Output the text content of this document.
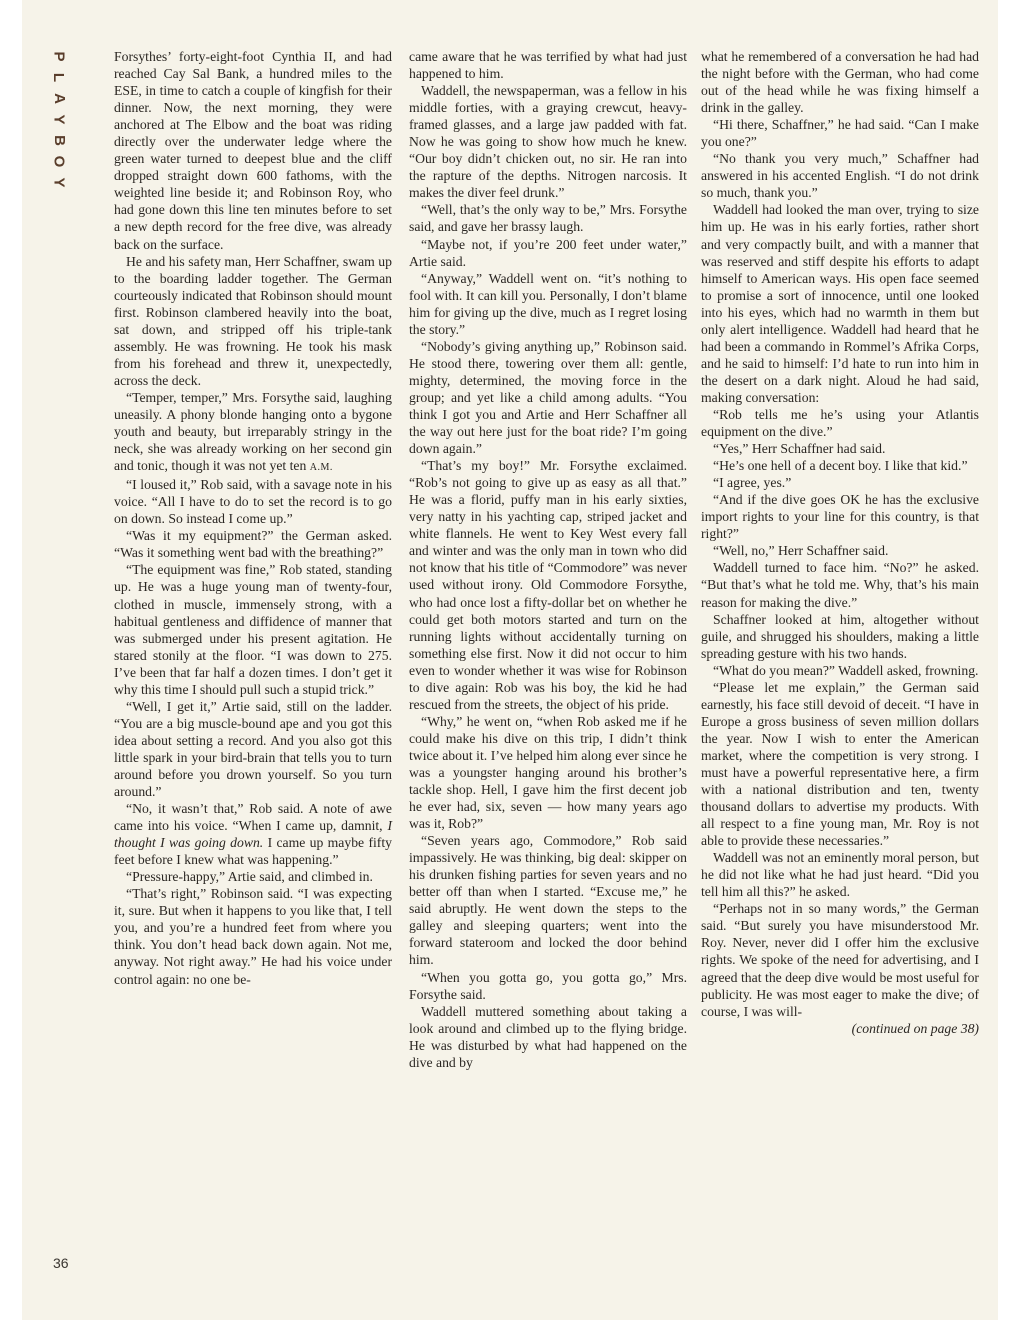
P
L
A
Y
B
O
Y

Forsythes’ forty-eight-foot Cynthia II, and had reached Cay Sal Bank, a hundred miles to the ESE, in time to catch a couple of kingfish for their dinner. Now, the next morning, they were anchored at The Elbow and the boat was riding directly over the underwater ledge where the green water turned to deepest blue and the cliff dropped straight down 600 fathoms, with the weighted line beside it; and Robinson Roy, who had gone down this line ten minutes before to set a new depth record for the free dive, was already back on the surface.

He and his safety man, Herr Schaffner, swam up to the boarding ladder together. The German courteously indicated that Robinson should mount first. Robinson clambered heavily into the boat, sat down, and stripped off his triple-tank assembly. He was frowning. He took his mask from his forehead and threw it, unexpectedly, across the deck.

“Temper, temper,” Mrs. Forsythe said, laughing uneasily. A phony blonde hanging onto a bygone youth and beauty, but irreparably stringy in the neck, she was already working on her second gin and tonic, though it was not yet ten A.M.

“I loused it,” Rob said, with a savage note in his voice. “All I have to do to set the record is to go on down. So instead I come up.”

“Was it my equipment?” the German asked. “Was it something went bad with the breathing?”

“The equipment was fine,” Rob stated, standing up. He was a huge young man of twenty-four, clothed in muscle, immensely strong, with a habitual gentleness and diffidence of manner that was submerged under his present agitation. He stared stonily at the floor. “I was down to 275. I’ve been that far half a dozen times. I don’t get it why this time I should pull such a stupid trick.”

“Well, I get it,” Artie said, still on the ladder. “You are a big muscle-bound ape and you got this idea about setting a record. And you also got this little spark in your bird-brain that tells you to turn around before you drown yourself. So you turn around.”

“No, it wasn’t that,” Rob said. A note of awe came into his voice. “When I came up, damnit, I thought I was going down. I came up maybe fifty feet before I knew what was happening.”

“Pressure-happy,” Artie said, and climbed in.

“That’s right,” Robinson said. “I was expecting it, sure. But when it happens to you like that, I tell you, and you’re a hundred feet from where you think. You don’t head back down again. Not me, anyway. Not right away.” He had his voice under control again: no one be-

came aware that he was terrified by what had just happened to him.

Waddell, the newspaperman, was a fellow in his middle forties, with a graying crewcut, heavy-framed glasses, and a large jaw padded with fat. Now he was going to show how much he knew. “Our boy didn’t chicken out, no sir. He ran into the rapture of the depths. Nitrogen narcosis. It makes the diver feel drunk.”

“Well, that’s the only way to be,” Mrs. Forsythe said, and gave her brassy laugh.

“Maybe not, if you’re 200 feet under water,” Artie said.

“Anyway,” Waddell went on. “it’s nothing to fool with. It can kill you. Personally, I don’t blame him for giving up the dive, much as I regret losing the story.”

“Nobody’s giving anything up,” Robinson said. He stood there, towering over them all: gentle, mighty, determined, the moving force in the group; and yet like a child among adults. “You think I got you and Artie and Herr Schaffner all the way out here just for the boat ride? I’m going down again.”

“That’s my boy!” Mr. Forsythe exclaimed. “Rob’s not going to give up as easy as all that.” He was a florid, puffy man in his early sixties, very natty in his yachting cap, striped jacket and white flannels. He went to Key West every fall and winter and was the only man in town who did not know that his title of “Commodore” was never used without irony. Old Commodore Forsythe, who had once lost a fifty-dollar bet on whether he could get both motors started and turn on the running lights without accidentally turning on something else first. Now it did not occur to him even to wonder whether it was wise for Robinson to dive again: Rob was his boy, the kid he had rescued from the streets, the object of his pride.

“Why,” he went on, “when Rob asked me if he could make his dive on this trip, I didn’t think twice about it. I’ve helped him along ever since he was a youngster hanging around his brother’s tackle shop. Hell, I gave him the first decent job he ever had, six, seven — how many years ago was it, Rob?”

“Seven years ago, Commodore,” Rob said impassively. He was thinking, big deal: skipper on his drunken fishing parties for seven years and no better off than when I started. “Excuse me,” he said abruptly. He went down the steps to the galley and sleeping quarters; went into the forward stateroom and locked the door behind him.

“When you gotta go, you gotta go,” Mrs. Forsythe said.

Waddell muttered something about taking a look around and climbed up to the flying bridge. He was disturbed by what had happened on the dive and by

what he remembered of a conversation he had had the night before with the German, who had come out of the head while he was fixing himself a drink in the galley.

“Hi there, Schaffner,” he had said. “Can I make you one?”

“No thank you very much,” Schaffner had answered in his accented English. “I do not drink so much, thank you.”

Waddell had looked the man over, trying to size him up. He was in his early forties, rather short and very compactly built, and with a manner that was reserved and stiff despite his efforts to adapt himself to American ways. His open face seemed to promise a sort of innocence, until one looked into his eyes, which had no warmth in them but only alert intelligence. Waddell had heard that he had been a commando in Rommel’s Afrika Corps, and he said to himself: I’d hate to run into him in the desert on a dark night. Aloud he had said, making conversation:

“Rob tells me he’s using your Atlantis equipment on the dive.”

“Yes,” Herr Schaffner had said.

“He’s one hell of a decent boy. I like that kid.”

“I agree, yes.”

“And if the dive goes OK he has the exclusive import rights to your line for this country, is that right?”

“Well, no,” Herr Schaffner said.

Waddell turned to face him. “No?” he asked. “But that’s what he told me. Why, that’s his main reason for making the dive.”

Schaffner looked at him, altogether without guile, and shrugged his shoulders, making a little spreading gesture with his two hands.

“What do you mean?” Waddell asked, frowning.

“Please let me explain,” the German said earnestly, his face still devoid of deceit. “I have in Europe a gross business of seven million dollars the year. Now I wish to enter the American market, where the competition is very strong. I must have a powerful representative here, a firm with a national distribution and ten, twenty thousand dollars to advertise my products. With all respect to a fine young man, Mr. Roy is not able to provide these necessaries.”

Waddell was not an eminently moral person, but he did not like what he had just heard. “Did you tell him all this?” he asked.

“Perhaps not in so many words,” the German said. “But surely you have misunderstood Mr. Roy. Never, never did I offer him the exclusive rights. We spoke of the need for advertising, and I agreed that the deep dive would be most useful for publicity. He was most eager to make the dive; of course, I was will-

(continued on page 38)

36
